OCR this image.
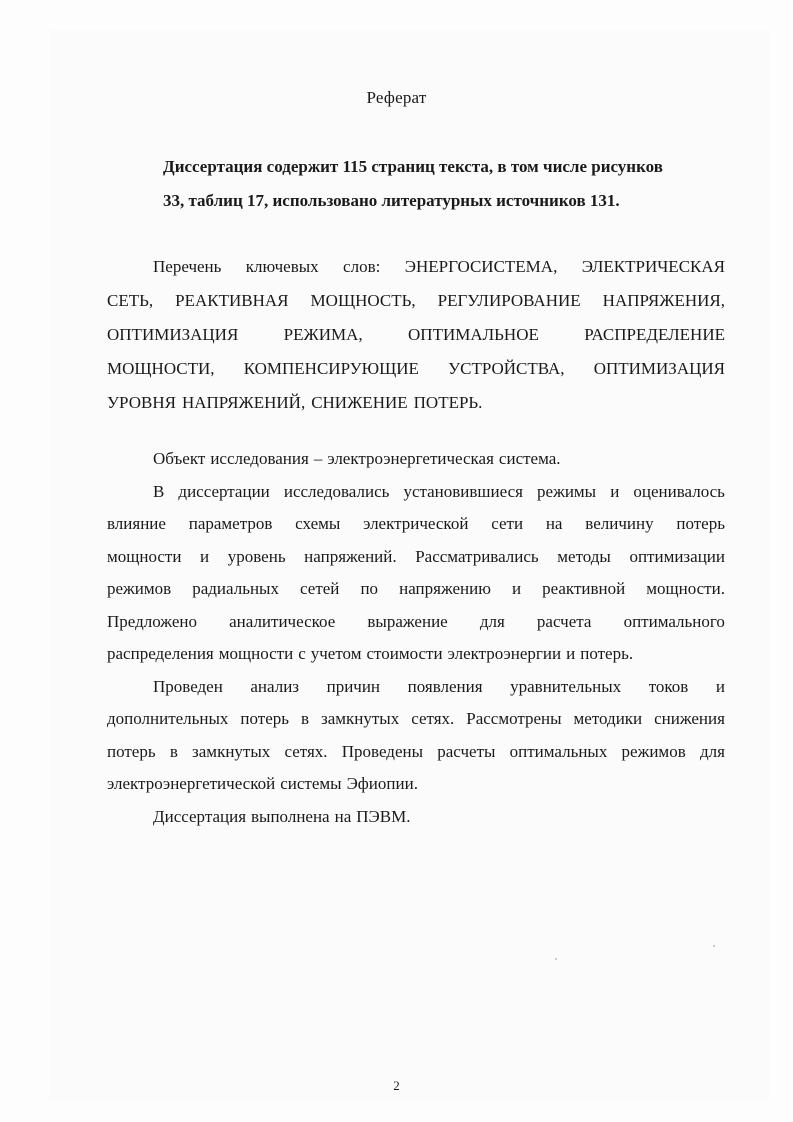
Реферат
Диссертация содержит 115 страниц текста, в том числе рисунков
33, таблиц 17, использовано литературных источников 131.
Перечень ключевых слов: ЭНЕРГОСИСТЕМА, ЭЛЕКТРИЧЕСКАЯ
СЕТЬ, РЕАКТИВНАЯ МОЩНОСТЬ, РЕГУЛИРОВАНИЕ НАПРЯЖЕНИЯ,
ОПТИМИЗАЦИЯ	РЕЖИМА,	ОПТИМАЛЬНОЕ	РАСПРЕДЕЛЕНИЕ
МОЩНОСТИ, КОМПЕНСИРУЮЩИЕ УСТРОЙСТВА, ОПТИМИЗАЦИЯ
УРОВНЯ НАПРЯЖЕНИЙ, СНИЖЕНИЕ ПОТЕРЬ.
Объект исследования – электроэнергетическая система.
В диссертации исследовались установившиеся режимы и оценивалось
влияние параметров схемы электрической сети на величину потерь
мощности и уровень напряжений. Рассматривались методы оптимизации
режимов радиальных сетей по напряжению и реактивной мощности.
Предложено аналитическое выражение для расчета оптимального
распределения мощности с учетом стоимости электроэнергии и потерь.
Проведен анализ причин появления уравнительных токов и
дополнительных потерь в замкнутых сетях. Рассмотрены методики снижения
потерь в замкнутых сетях. Проведены расчеты оптимальных режимов для
электроэнергетической системы Эфиопии.
Диссертация выполнена на ПЭВМ.
2
